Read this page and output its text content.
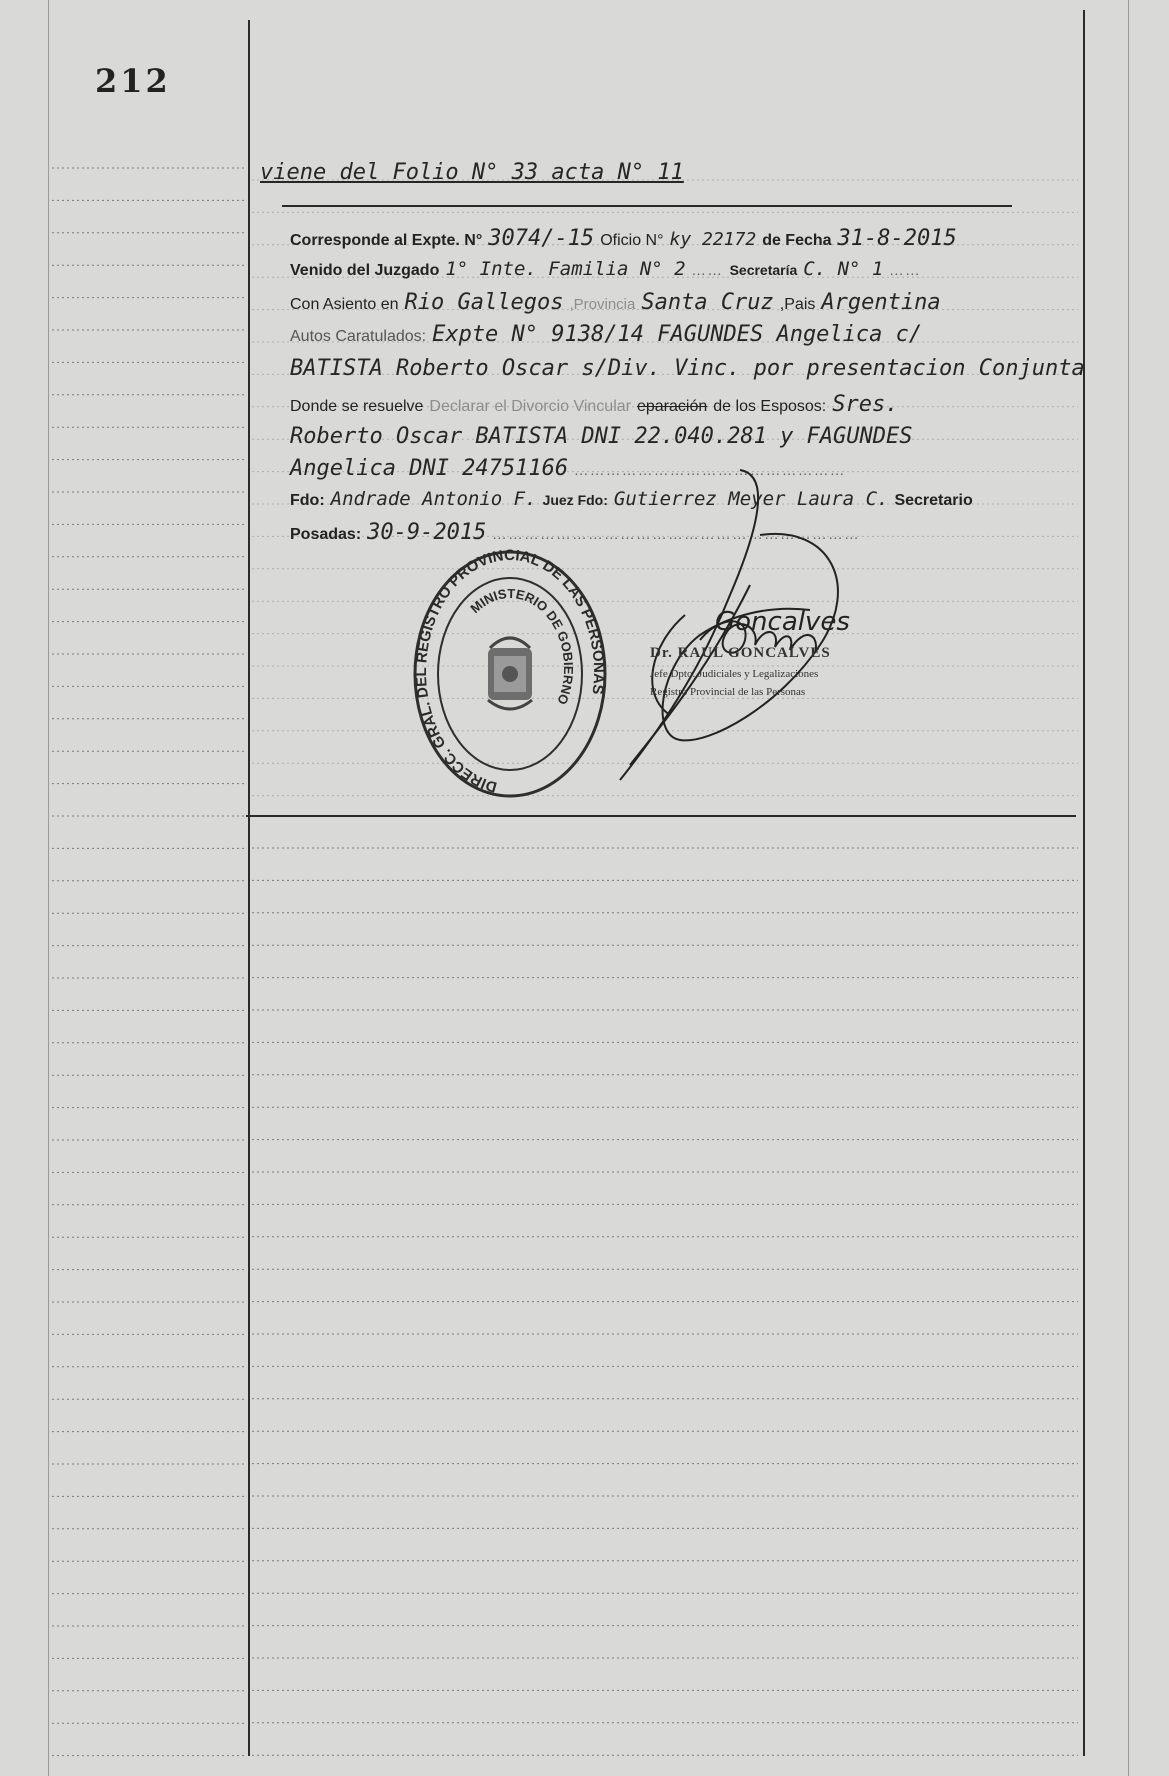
212
viene del Folio N° 33 acta N° 11
Corresponde al Expte. N° 3074/-15 Oficio N° ky 22172 de Fecha 31-8-2015
Venido del Juzgado 1° Inte. Familia N° 2 …… Secretaría C. N° 1 ……
Con Asiento en Rio Gallegos ,Provincia Santa Cruz ,Pais Argentina
Autos Caratulados: Expte N° 9138/14 FAGUNDES Angelica c/
BATISTA Roberto Oscar s/Div. Vinc. por presentacion Conjunta
Donde se resuelve Declarar el Divorcio Vincular eparación de los Esposos: Sres.
Roberto Oscar BATISTA DNI 22.040.281 y FAGUNDES
Angelica DNI 24751166 ……………………………………………
Fdo: Andrade Antonio F. Juez Fdo: Gutierrez Meyer Laura C. Secretario
Posadas: 30-9-2015 ……………………………………………………………
DIRECC. GRAL. DEL REGISTRO PROVINCIAL DE LAS PERSONAS
MINISTERIO DE GOBIERNO
Goncalves
Dr. RAUL GONCALVES
Jefe Dpto. Judiciales y Legalizaciones
Registro Provincial de las Personas
